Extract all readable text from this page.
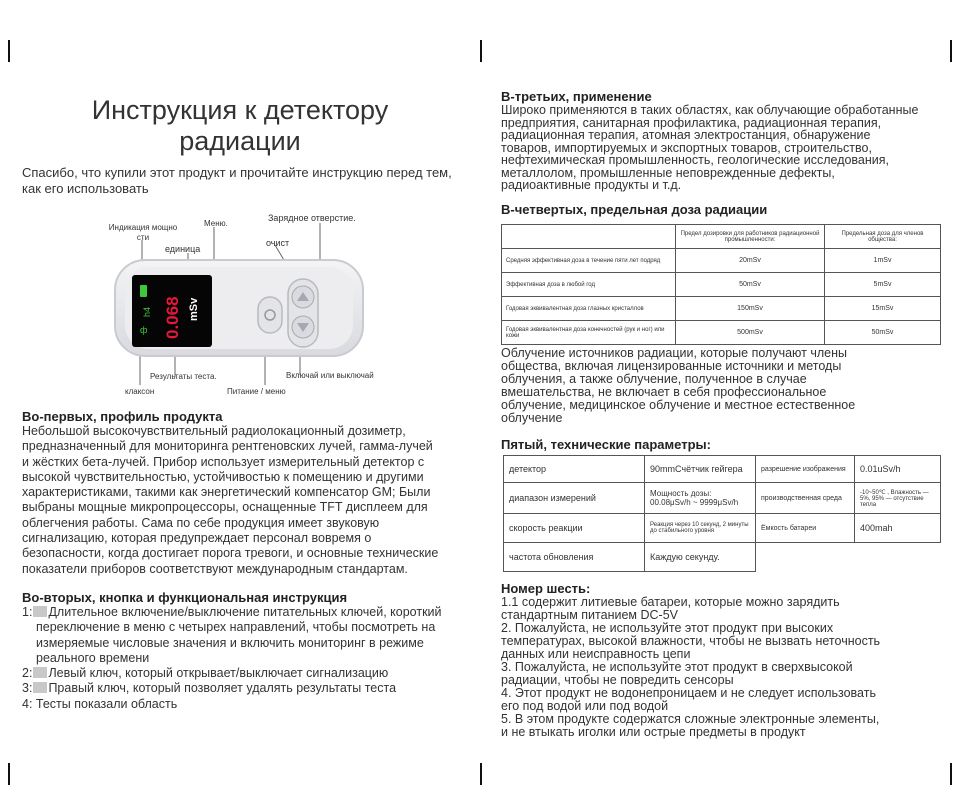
Инструкция к детектору радиации
Спасибо, что купили этот продукт и прочитайте инструкцию перед тем, как его использовать
h4 0.068 mSv
ф
Индикация мощно сти
Меню.
Зарядное отверстие.
единица
очист
Результаты теста.
клаксон	Питание / меню
Включай или выключай
Во-первых, профиль продукта
Небольшой высокочувствительный радиолокационный дозиметр,
предназначенный для мониторинга рентгеновских лучей, гамма-лучей
и жёстких бета-лучей. Прибор использует измерительный детектор с
высокой чувствительностью, устойчивостью к помещению и другими
характеристиками, такими как энергетический компенсатор GM; Были
выбраны мощные микропроцессоры, оснащенные TFT дисплеем для
облегчения работы. Сама по себе продукция имеет звуковую
сигнализацию, которая предупреждает персонал вовремя о
безопасности, когда достигает порога тревоги, и основные технические
показатели приборов соответствуют международным стандартам.
Во-вторых, кнопка и функциональная инструкция
1: Длительное включение/выключение питательных ключей, короткий переключение в меню с четырех направлений, чтобы посмотреть на измеряемые числовые значения и включить мониторинг в режиме реального времени
2: Левый ключ, который открывает/выключает сигнализацию
3: Правый ключ, который позволяет удалять результаты теста
4: Тесты показали область
В-третьих, применение
Широко применяются в таких областях, как облучающие обработанные
предприятия, санитарная профилактика, радиационная терапия,
радиационная терапия, атомная электростанция, обнаружение
товаров, импортируемых и экспортных товаров, строительство,
нефтехимическая промышленность, геологические исследования,
металлолом, промышленные неповрежденные дефекты,
радиоактивные продукты и т.д.
В-четвертых, предельная доза радиации
	Предел дозировки для работников радиационной промышленности:	Предельная доза для членов общества:
Средняя эффективная доза в течение пяти лет подряд	20mSv	1mSv
Эффективная доза в любой год	50mSv	5mSv
Годовая эквивалентная доза глазных кристаллов	150mSv	15mSv
Годовая эквивалентная доза конечностей (рук и ног) или кожи	500mSv	50mSv
Облучение источников радиации, которые получают члены
общества, включая лицензированные источники и методы
облучения, а также облучение, полученное в случае
вмешательства, не включает в себя профессиональное
облучение, медицинское облучение и местное естественное
облучение
Пятый, технические параметры:
детектор	90mmСчётчик гейгера	разрешение изображения	0.01uSv/h
диапазон измерений	Мощность дозы: 00.08μSv/h ~ 9999μSv/h	производственная среда	-10~50℃ , Влажность — 5%, 95% — отсутствие тепла
скорость реакции	Реакция через 10 секунд, 2 минуты до стабильного уровня	Ёмкость батареи	400mah
частота обновления	Каждую секунду.		
Номер шесть:
1.1 содержит литиевые батареи, которые можно зарядить
стандартным питанием DC-5V
2. Пожалуйста, не используйте этот продукт при высоких
температурах, высокой влажности, чтобы не вызвать неточность
данных или неисправность цепи
3. Пожалуйста, не используйте этот продукт в сверхвысокой
радиации, чтобы не повредить сенсоры
4. Этот продукт не водонепроницаем и не следует использовать
его под водой или под водой
5. В этом продукте содержатся сложные электронные элементы,
и не втыкать иголки или острые предметы в продукт
